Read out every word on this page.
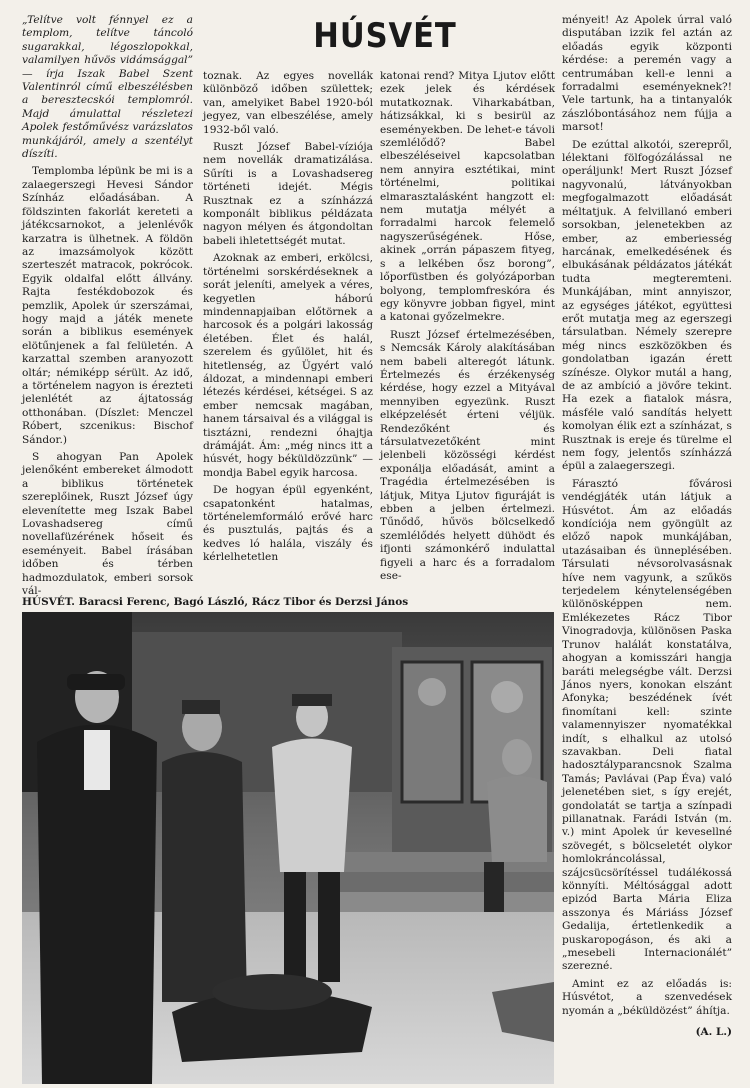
HÚSVÉT

„Telítve volt fénnyel ez a templom, telítve táncoló sugarakkal, légoszlopokkal, valamilyen hűvös vidámsággal” — írja Iszak Babel Szent Valentinról című elbeszélésben a beresztecskói templomról. Majd ámulattal részletezi Apolek festőművész varázslatos munkájáról, amely a szentélyt díszíti.

Templomba lépünk be mi is a zalaegerszegi Hevesi Sándor Színház előadásában. A földszinten fakorlát kereteti a játékcsarnokot, a jelenlévők karzatra is ülhetnek. A földön az imazsámolyok között szerteszét matracok, pokrócok. Egyik oldalfal előtt állvány. Rajta festékdobozok és pemzlik, Apolek úr szerszámai, hogy majd a játék menete során a biblikus események elötűnjenek a fal felületén. A karzattal szemben aranyozott oltár; némiképp sérült. Az idő, a történelem nagyon is érezteti jelenlétét az ájtatosság otthonában. (Díszlet: Menczel Róbert, szcenikus: Bischof Sándor.)

S ahogyan Pan Apolek jelenőként embereket álmodott a biblikus történetek szereplőinek, Ruszt József úgy elevenítette meg Iszak Babel Lovashadsereg című novellafüzérének hőseit és eseményeit. Babel írásában időben és térben hadmozdulatok, emberi sorsok vál-

toznak. Az egyes novellák különböző időben születtek; van, amelyiket Babel 1920-ból jegyez, van elbeszélése, amely 1932-ből való.

Ruszt József Babel-víziója nem novellák dramatizálása. Sűríti is a Lovashadsereg történeti idejét. Mégis Rusztnak ez a színházzá komponált biblikus példázata nagyon mélyen és átgondoltan babeli ihletettségét mutat.

Azoknak az emberi, erkölcsi, történelmi sorskérdéseknek a sorát jeleníti, amelyek a véres, kegyetlen háború mindennapjaiban előtörnek a harcosok és a polgári lakosság életében. Élet és halál, szerelem és gyűlölet, hit és hitetlenség, az Ügyért való áldozat, a mindennapi emberi létezés kérdései, kétségei. S az ember nemcsak magában, hanem társaival és a világgal is tisztázni, rendezni óhajtja drámáját. Ám: „még nincs itt a húsvét, hogy béküldözzünk” — mondja Babel egyik harcosa.

De hogyan épül egyenként, csapatonként hatalmas, történelemformáló erővé harc és pusztulás, pajtás és a kedves ló halála, viszály és kérlelhetetlen

katonai rend? Mitya Ljutov előtt ezek jelek és kérdések mutatkoznak. Viharkabátban, hátizsákkal, ki s besirül az eseményekben. De lehet-e távoli szemlélődő? Babel elbeszéléseivel kapcsolatban nem annyira esztétikai, mint történelmi, politikai elmarasztalásként hangzott el: nem mutatja mélyét a forradalmi harcok felemelő nagyszerűségének. Hőse, akinek „orrán pápaszem fityeg, s a lelkében ősz borong”, lőporfüstben és golyózáporban bolyong, templomfreskóra és egy könyvre jobban figyel, mint a katonai győzelmekre.

Ruszt József értelmezésében, s Nemcsák Károly alakításában nem babeli alteregót látunk. Értelmezés és érzékenység kérdése, hogy ezzel a Mityával mennyiben egyezünk. Ruszt elképzelését érteni véljük. Rendezőként és társulatvezetőként mint jelenbeli közösségi kérdést exponálja előadását, amint a Tragédia értelmezésében is látjuk, Mitya Ljutov figuráját is ebben a jelben értelmezi. Tűnődő, hűvös bölcselkedő szemlélődés helyett dühödt és ifjonti számonkérő indulattal figyeli a harc és a forradalom ese-

HÚSVÉT. Baracsi Ferenc, Bagó László, Rácz Tibor és Derzsi János

ményeit! Az Apolek úrral való disputában izzik fel aztán az előadás egyik központi kérdése: a peremén vagy a centrumában kell-e lenni a forradalmi eseményeknek?! Vele tartunk, ha a tintanyalók zászlóbontásához nem fújja a marsot!

De ezúttal alkotói, szerepről, lélektani fölfogózálással ne operáljunk! Mert Ruszt József nagyvonalú, látványokban megfogalmazott előadását méltatjuk. A felvillanó emberi sorsokban, jelenetekben az ember, az emberiesség harcának, emelkedésének és elbukásának példázatos játékát tudta megteremteni. Munkájában, mint annyiszor, az egységes játékot, együttesi erőt mutatja meg az egerszegi társulatban. Némely szerepre még nincs eszközökben és gondolatban igazán érett színésze. Olykor mutál a hang, de az ambíció a jövőre tekint. Ha ezek a fiatalok másra, másféle való sandítás helyett komolyan élik ezt a színházat, s Rusztnak is ereje és türelme el nem fogy, jelentős színházzá épül a zalaegerszegi.

Fárasztó fővárosi vendégjáték után látjuk a Húsvétot. Ám az előadás kondíciója nem gyöngült az előző napok munkájában, utazásaiban és ünneplésében. Társulati névsorolvasásnak híve nem vagyunk, a szűkös terjedelem kénytelenségében különösképpen nem. Emlékezetes Rácz Tibor Vinogradovja, különösen Paska Trunov halálát konstatálva, ahogyan a komisszári hangja baráti melegségbe vált. Derzsi János nyers, konokan elszánt Afonyka; beszédének ívét finomítani kell: szinte valamennyiszer nyomatékkal indít, s elhalkul az utolsó szavakban. Deli fiatal hadosztályparancsnok Szalma Tamás; Pavlávai (Pap Éva) való jelenetében siet, s így erejét, gondolatát se tartja a színpadi pillanatnak. Farádi István (m. v.) mint Apolek úr kevesellné szövegét, s bölcseletét olykor homlokráncolással, szájcsücsörítéssel tudálékossá könnyíti. Méltósággal adott epizód Barta Mária Eliza asszonya és Máriáss József Gedalija, értetlenkedik a puskaropogáson, és aki a „mesebeli Internacionálét” szerezné.

Amint ez az előadás is: Húsvétot, a szenvedések nyomán a „béküldözést” áhítja.

(A. L.)
